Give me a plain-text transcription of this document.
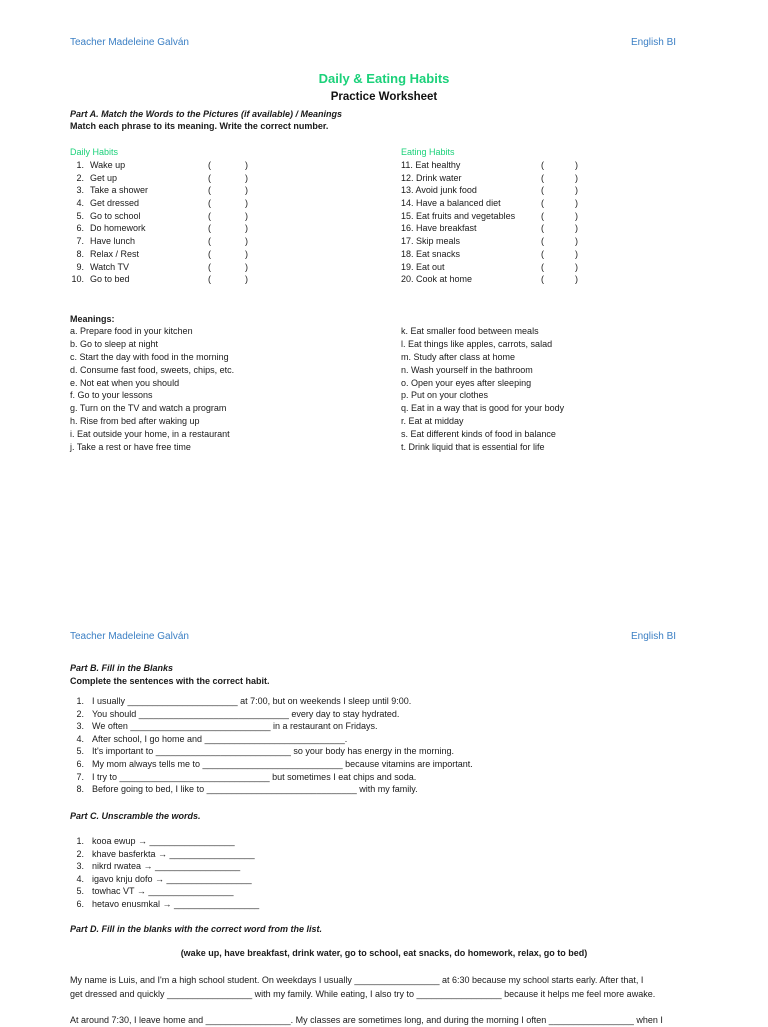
Teacher Madeleine Galván	English BI
Daily & Eating Habits
Practice Worksheet
Part A. Match the Words to the Pictures (if available) / Meanings
Match each phrase to its meaning. Write the correct number.
Daily Habits	Eating Habits
1. Wake up	(	)
2. Get up	(	)
3. Take a shower	(	)
4. Get dressed	(	)
5. Go to school	(	)
6. Do homework	(	)
7. Have lunch	(	)
8. Relax / Rest	(	)
9. Watch TV	(	)
10. Go to bed	(	)
11. Eat healthy	(	)
12. Drink water	(	)
13. Avoid junk food	(	)
14. Have a balanced diet	(	)
15. Eat fruits and vegetables	(	)
16. Have breakfast	(	)
17. Skip meals	(	)
18. Eat snacks	(	)
19. Eat out	(	)
20. Cook at home	(	)
Meanings:
a. Prepare food in your kitchen
b. Go to sleep at night
c. Start the day with food in the morning
d. Consume fast food, sweets, chips, etc.
e. Not eat when you should
f. Go to your lessons
g. Turn on the TV and watch a program
h. Rise from bed after waking up
i. Eat outside your home, in a restaurant
j. Take a rest or have free time
k. Eat smaller food between meals
l. Eat things like apples, carrots, salad
m. Study after class at home
n. Wash yourself in the bathroom
o. Open your eyes after sleeping
p. Put on your clothes
q. Eat in a way that is good for your body
r. Eat at midday
s. Eat different kinds of food in balance
t. Drink liquid that is essential for life
Teacher Madeleine Galván	English BI
Part B. Fill in the Blanks
Complete the sentences with the correct habit.
1. I usually ______________________ at 7:00, but on weekends I sleep until 9:00.
2. You should ______________________________ every day to stay hydrated.
3. We often ____________________________ in a restaurant on Fridays.
4. After school, I go home and ____________________________.
5. It's important to ___________________________ so your body has energy in the morning.
6. My mom always tells me to ____________________________ because vitamins are important.
7. I try to ______________________________ but sometimes I eat chips and soda.
8. Before going to bed, I like to ______________________________ with my family.
Part C. Unscramble the words.
1. kooa ewup → _________________
2. khave basferkta → _________________
3. nikrd rwatea → _________________
4. igavo knju dofo → _________________
5. towhac VT → _________________
6. hetavo enusmkal → _________________
Part D. Fill in the blanks with the correct word from the list.
(wake up, have breakfast, drink water, go to school, eat snacks, do homework, relax, go to bed)
My name is Luis, and I'm a high school student. On weekdays I usually _________________ at 6:30 because my school starts early. After that, I
get dressed and quickly _________________ with my family. While eating, I also try to _________________ because it helps me feel more awake.
At around 7:30, I leave home and _________________. My classes are sometimes long, and during the morning I often _________________ when I
